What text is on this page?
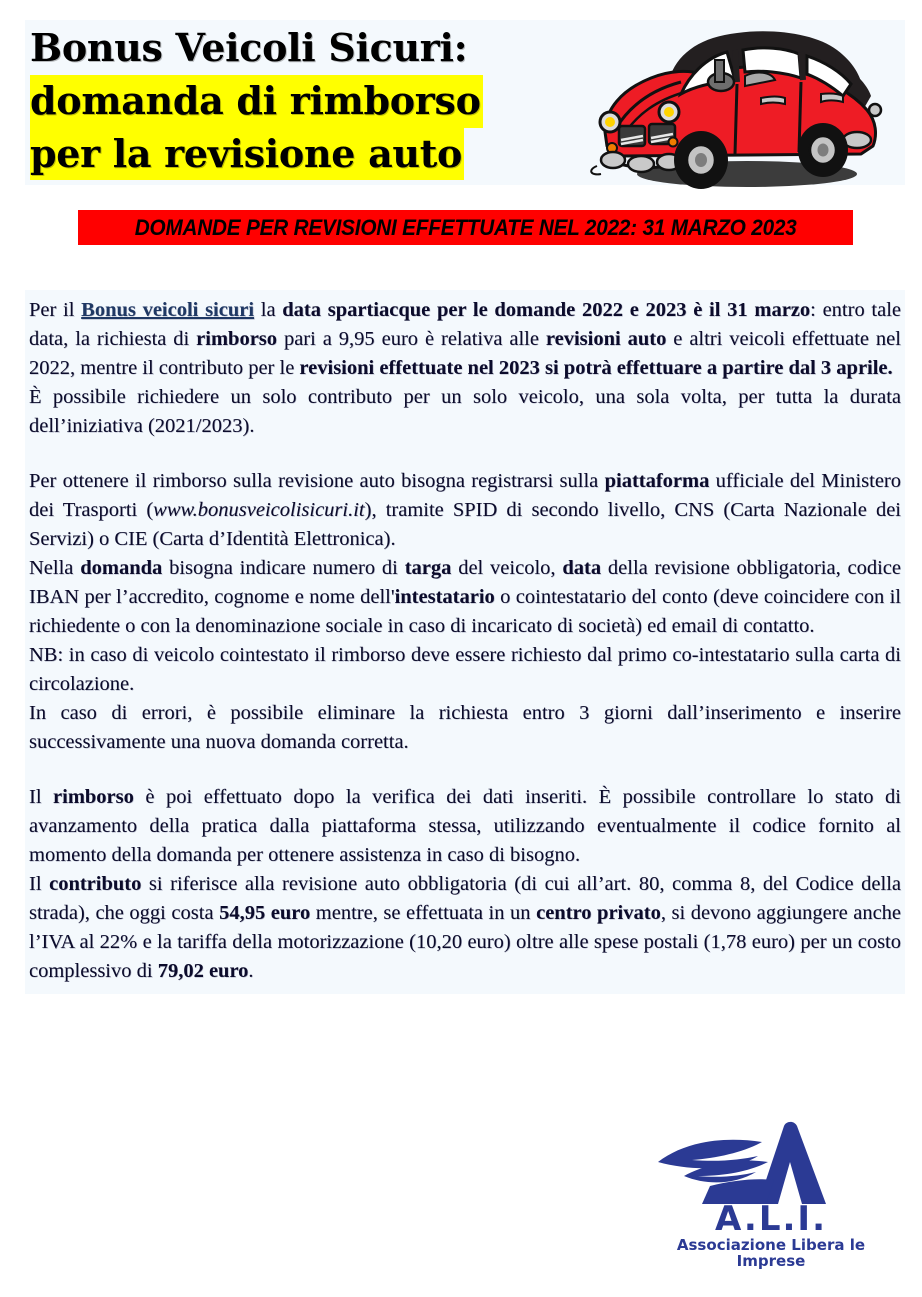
Bonus Veicoli Sicuri:
domanda di rimborso
per la revisione auto
DOMANDE PER REVISIONI EFFETTUATE NEL 2022: 31 MARZO 2023

Per il Bonus veicoli sicuri la data spartiacque per le domande 2022 e 2023 è il 31 marzo: entro tale data, la richiesta di rimborso pari a 9,95 euro è relativa alle revisioni auto e altri veicoli effettuate nel 2022, mentre il contributo per le revisioni effettuate nel 2023 si potrà effettuare a partire dal 3 aprile.

È possibile richiedere un solo contributo per un solo veicolo, una sola volta, per tutta la durata dell’iniziativa (2021/2023).

Per ottenere il rimborso sulla revisione auto bisogna registrarsi sulla piattaforma ufficiale del Ministero dei Trasporti (www.bonusveicolisicuri.it), tramite SPID di secondo livello, CNS (Carta Nazionale dei Servizi) o CIE (Carta d’Identità Elettronica).

Nella domanda bisogna indicare numero di targa del veicolo, data della revisione obbligatoria, codice IBAN per l’accredito, cognome e nome dell'intestatario o cointestatario del conto (deve coincidere con il richiedente o con la denominazione sociale in caso di incaricato di società) ed email di contatto.

NB: in caso di veicolo cointestato il rimborso deve essere richiesto dal primo co-intestatario sulla carta di circolazione.

In caso di errori, è possibile eliminare la richiesta entro 3 giorni dall’inserimento e inserire successivamente una nuova domanda corretta.

Il rimborso è poi effettuato dopo la verifica dei dati inseriti. È possibile controllare lo stato di avanzamento della pratica dalla piattaforma stessa, utilizzando eventualmente il codice fornito al momento della domanda per ottenere assistenza in caso di bisogno.

Il contributo si riferisce alla revisione auto obbligatoria (di cui all’art. 80, comma 8, del Codice della strada), che oggi costa 54,95 euro mentre, se effettuata in un centro privato, si devono aggiungere anche l’IVA al 22% e la tariffa della motorizzazione (10,20 euro) oltre alle spese postali (1,78 euro) per un costo complessivo di 79,02 euro.

A.L.I.
Associazione Libera le Imprese
